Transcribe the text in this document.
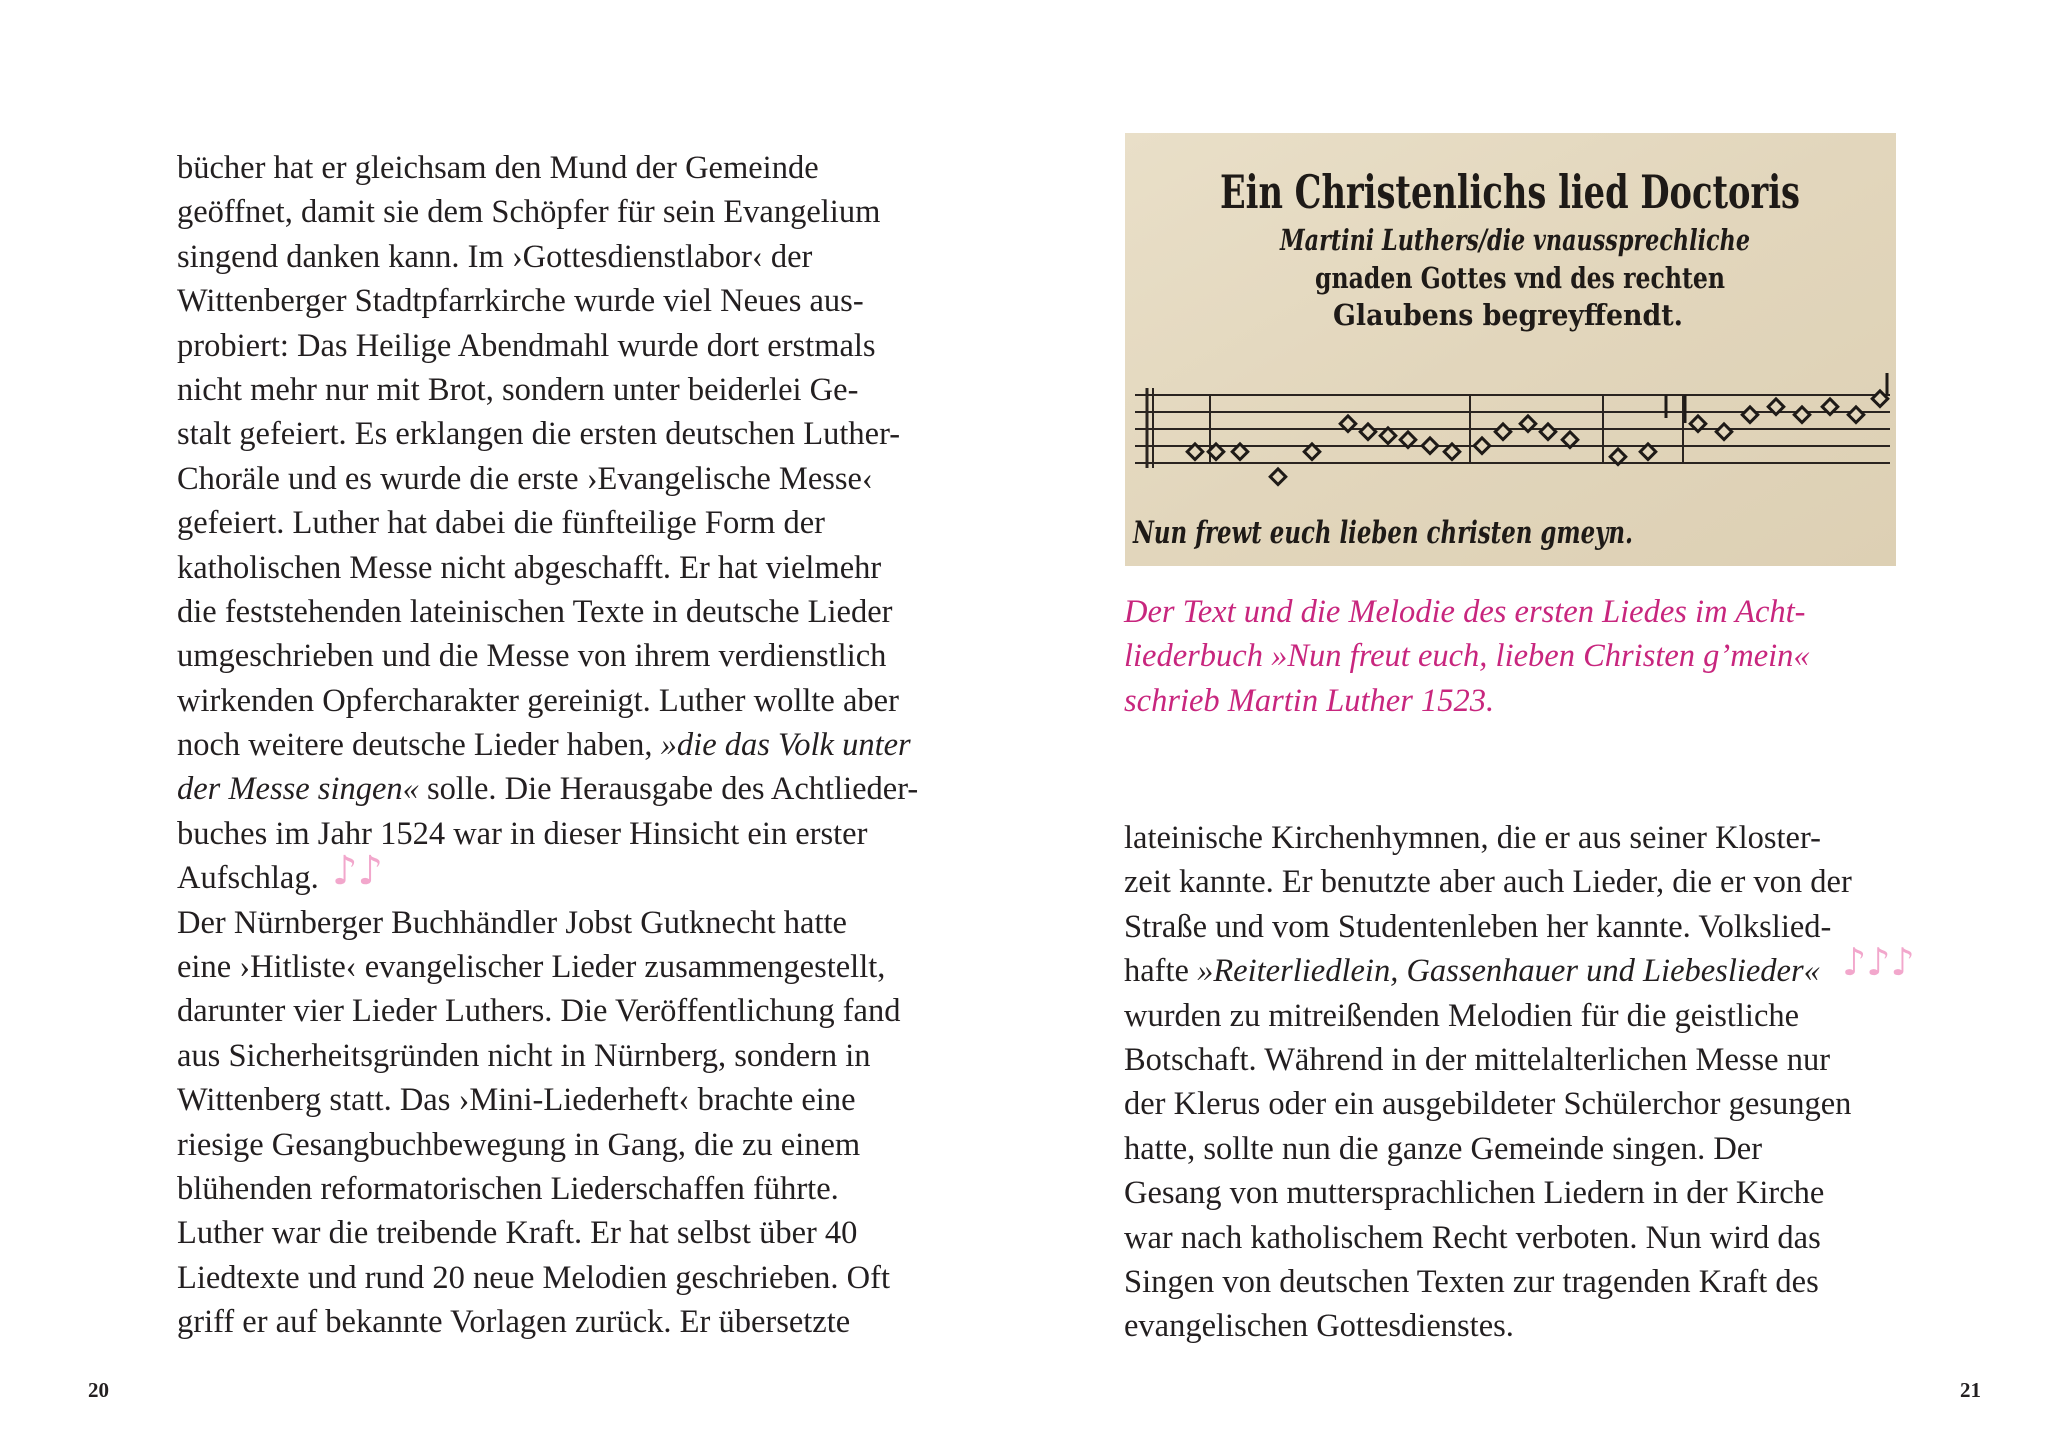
bücher hat er gleichsam den Mund der Gemeinde
geöffnet, damit sie dem Schöpfer für sein Evangelium
singend danken kann. Im ›Gottesdienstlabor‹ der
Wittenberger Stadtpfarrkirche wurde viel Neues aus-
probiert: Das Heilige Abendmahl wurde dort erstmals
nicht mehr nur mit Brot, sondern unter beiderlei Ge-
stalt gefeiert. Es erklangen die ersten deutschen Luther-
Choräle und es wurde die erste ›Evangelische Messe‹
gefeiert. Luther hat dabei die fünfteilige Form der
katholischen Messe nicht abgeschafft. Er hat vielmehr
die feststehenden lateinischen Texte in deutsche Lieder
umgeschrieben und die Messe von ihrem verdienstlich
wirkenden Opfercharakter gereinigt. Luther wollte aber
noch weitere deutsche Lieder haben, »die das Volk unter
der Messe singen« solle. Die Herausgabe des Achtlieder-
buches im Jahr 1524 war in dieser Hinsicht ein erster
Aufschlag.
Der Nürnberger Buchhändler Jobst Gutknecht hatte
eine ›Hitliste‹ evangelischer Lieder zusammengestellt,
darunter vier Lieder Luthers. Die Veröffentlichung fand
aus Sicherheitsgründen nicht in Nürnberg, sondern in
Wittenberg statt. Das ›Mini-Liederheft‹ brachte eine
riesige Gesangbuchbewegung in Gang, die zu einem
blühenden reformatorischen Liederschaffen führte.
Luther war die treibende Kraft. Er hat selbst über 40
Liedtexte und rund 20 neue Melodien geschrieben. Oft
griff er auf bekannte Vorlagen zurück. Er übersetzte
♪♪
20
Ein Christenlichs lied Doctoris
Martini Luthers/die vnaussprechliche
gnaden Gottes vnd des rechten
Glaubens begreyffendt.
Nun frewt euch lieben christen gmeyn.
Der Text und die Melodie des ersten Liedes im Acht-
liederbuch »Nun freut euch, lieben Christen g’mein«
schrieb Martin Luther 1523.
lateinische Kirchenhymnen, die er aus seiner Kloster-
zeit kannte. Er benutzte aber auch Lieder, die er von der
Straße und vom Studentenleben her kannte. Volkslied-
hafte »Reiterliedlein, Gassenhauer und Liebeslieder«
wurden zu mitreißenden Melodien für die geistliche
Botschaft. Während in der mittelalterlichen Messe nur
der Klerus oder ein ausgebildeter Schülerchor gesungen
hatte, sollte nun die ganze Gemeinde singen. Der
Gesang von muttersprachlichen Liedern in der Kirche
war nach katholischem Recht verboten. Nun wird das
Singen von deutschen Texten zur tragenden Kraft des
evangelischen Gottesdienstes.
♪♪♪
21
